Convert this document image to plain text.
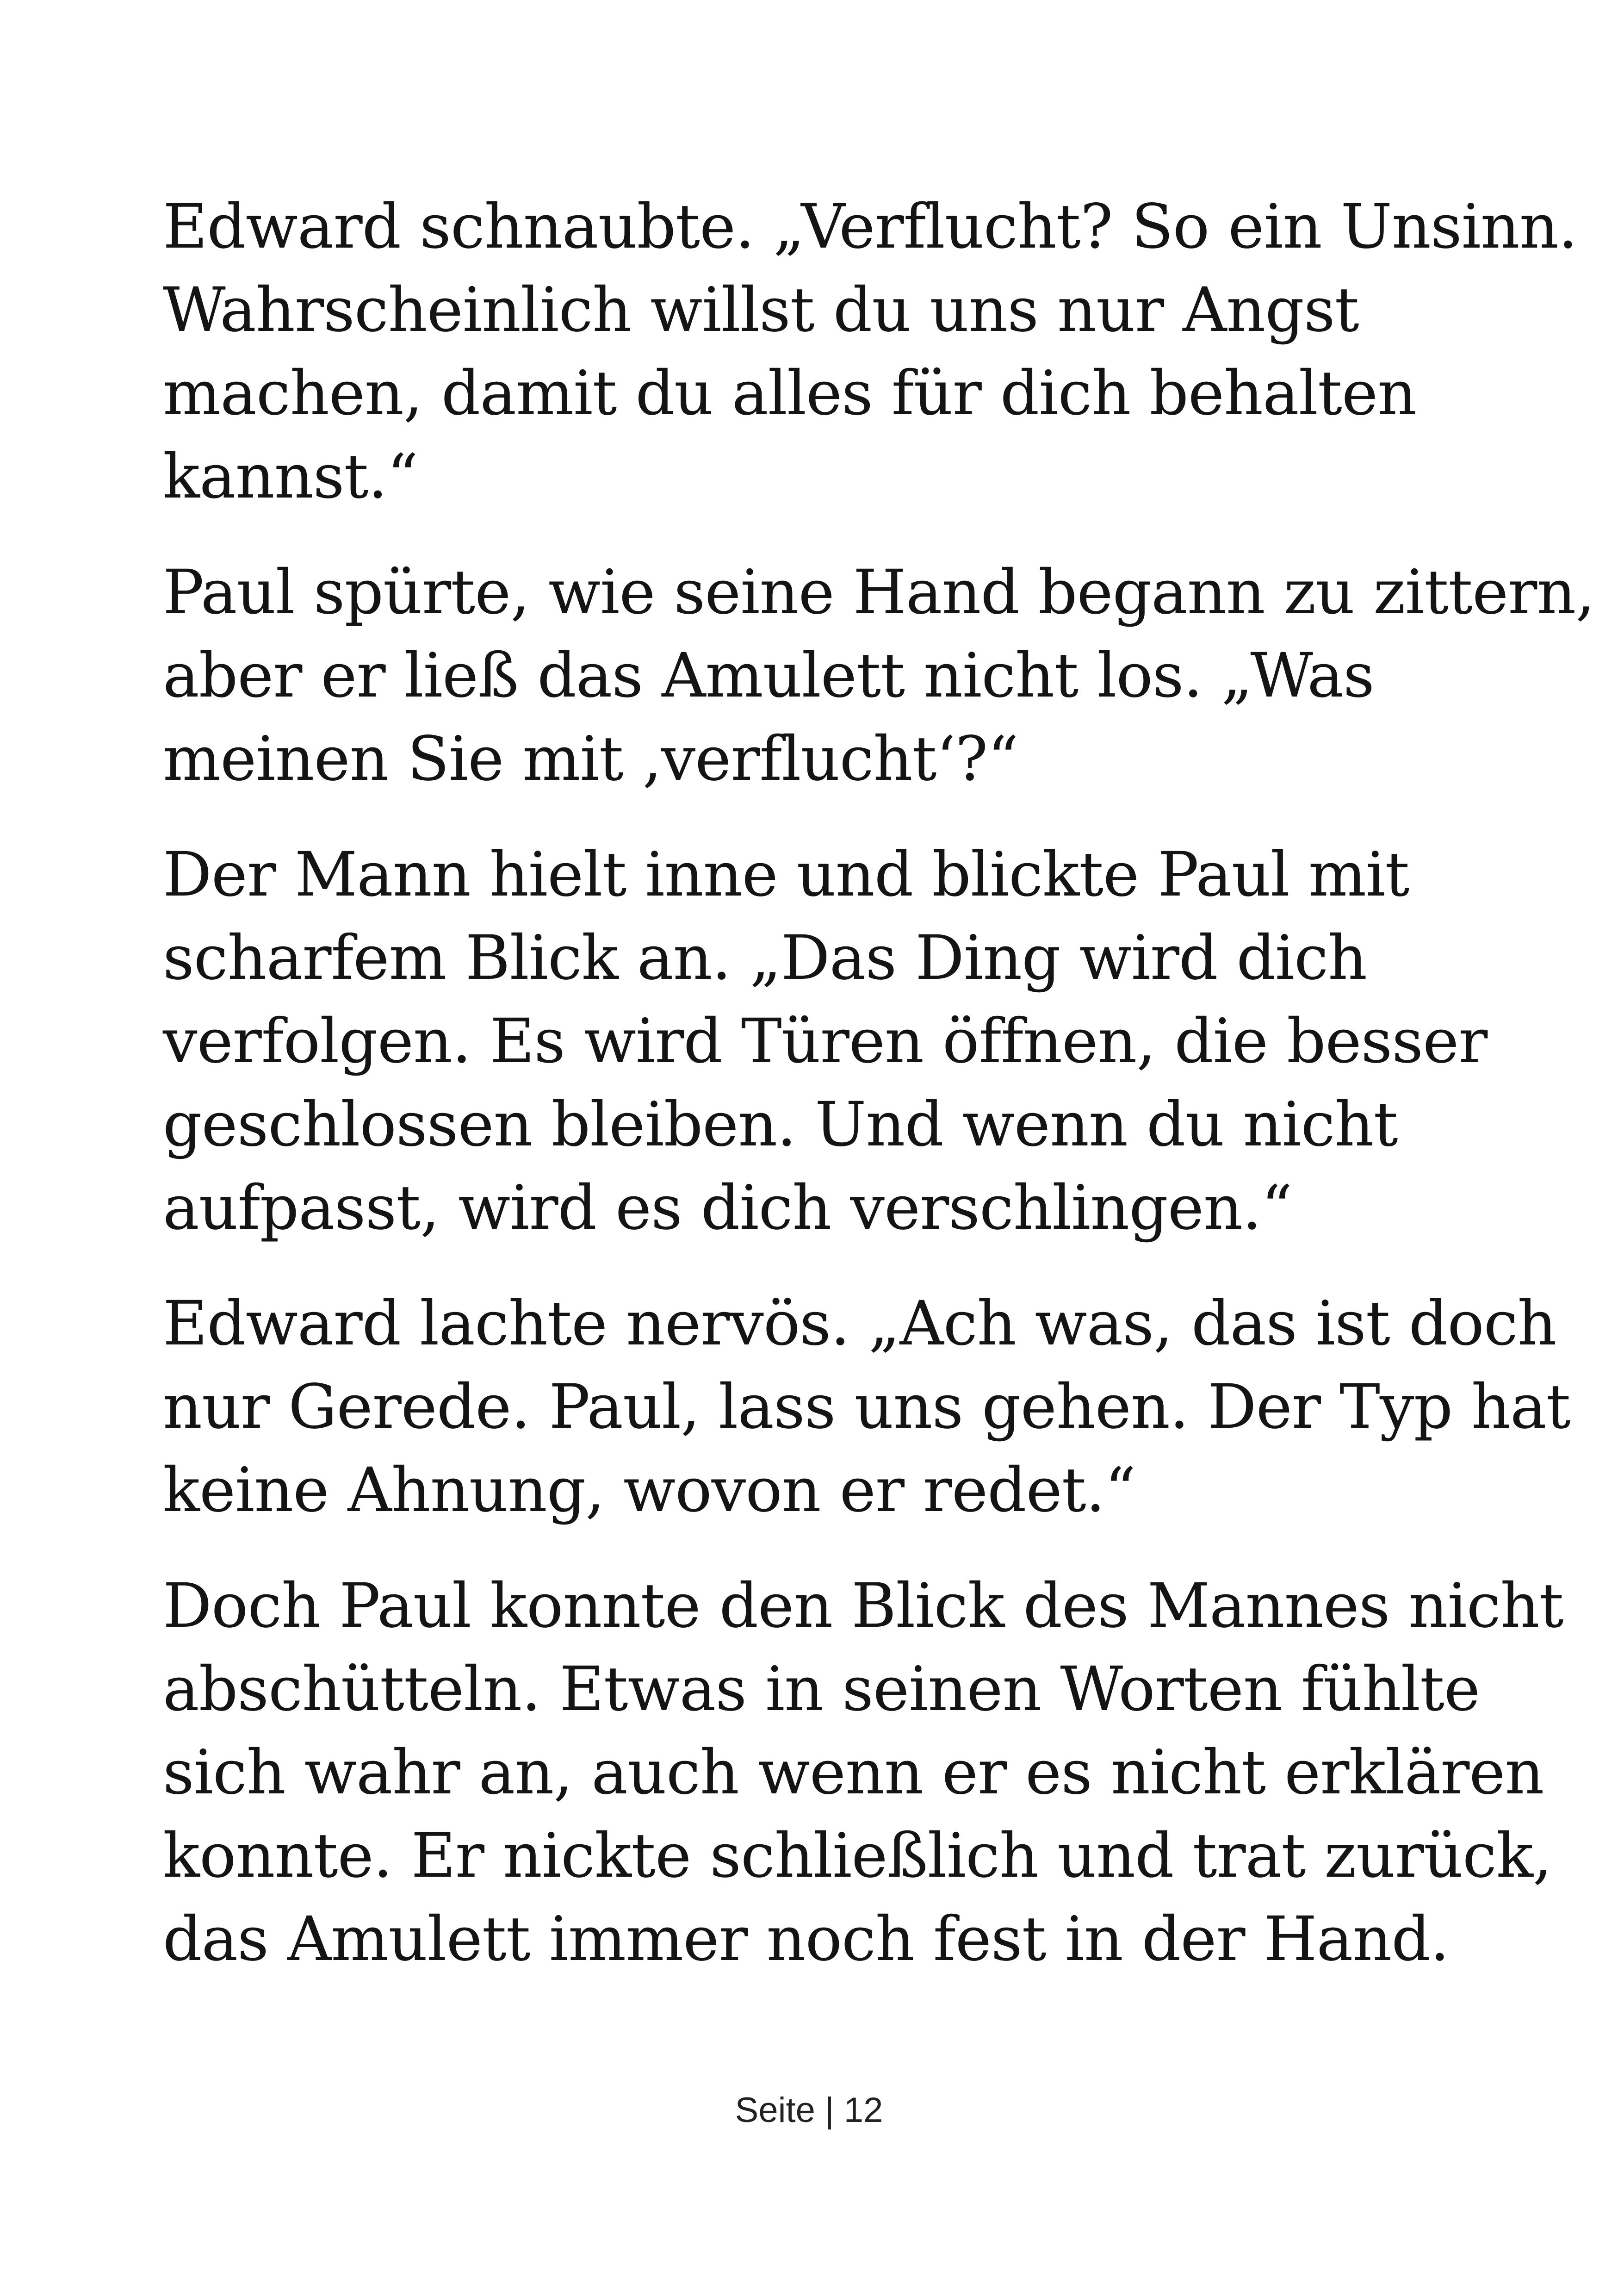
Edward schnaubte. „Verflucht? So ein Unsinn.
Wahrscheinlich willst du uns nur Angst
machen, damit du alles für dich behalten
kannst.“
Paul spürte, wie seine Hand begann zu zittern,
aber er ließ das Amulett nicht los. „Was
meinen Sie mit ‚verflucht‘?“
Der Mann hielt inne und blickte Paul mit
scharfem Blick an. „Das Ding wird dich
verfolgen. Es wird Türen öffnen, die besser
geschlossen bleiben. Und wenn du nicht
aufpasst, wird es dich verschlingen.“
Edward lachte nervös. „Ach was, das ist doch
nur Gerede. Paul, lass uns gehen. Der Typ hat
keine Ahnung, wovon er redet.“
Doch Paul konnte den Blick des Mannes nicht
abschütteln. Etwas in seinen Worten fühlte
sich wahr an, auch wenn er es nicht erklären
konnte. Er nickte schließlich und trat zurück,
das Amulett immer noch fest in der Hand.
Seite | 12
